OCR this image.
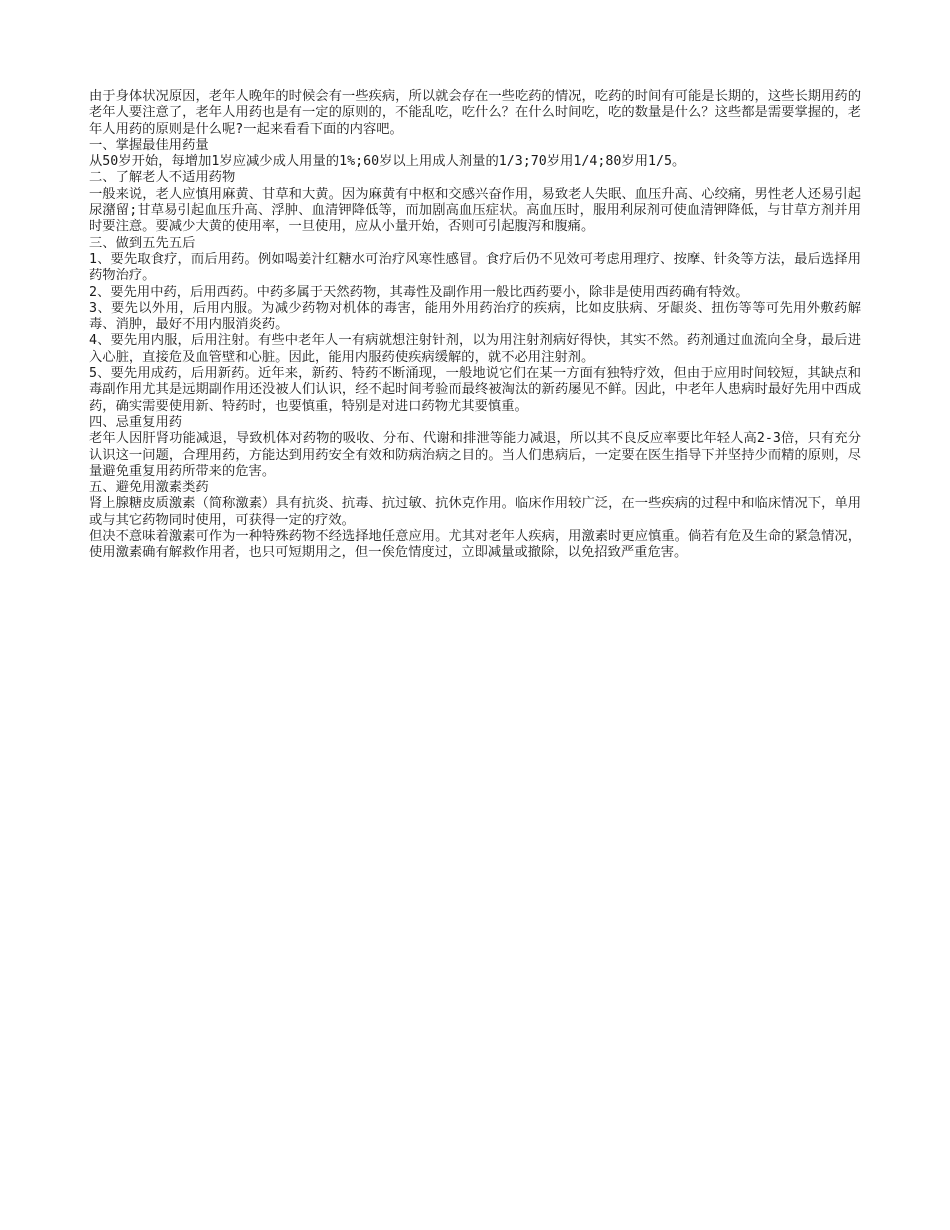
由于身体状况原因，老年人晚年的时候会有一些疾病，所以就会存在一些吃药的情况，吃药的时间有可能是长期的，这些长期用药的老年人要注意了，老年人用药也是有一定的原则的，不能乱吃，吃什么？在什么时间吃，吃的数量是什么？这些都是需要掌握的，老年人用药的原则是什么呢?一起来看看下面的内容吧。

一、掌握最佳用药量

从50岁开始，每增加1岁应减少成人用量的1%;60岁以上用成人剂量的1/3;70岁用1/4;80岁用1/5。

二、了解老人不适用药物

一般来说，老人应慎用麻黄、甘草和大黄。因为麻黄有中枢和交感兴奋作用，易致老人失眠、血压升高、心绞痛，男性老人还易引起尿潴留;甘草易引起血压升高、浮肿、血清钾降低等，而加剧高血压症状。高血压时，服用利尿剂可使血清钾降低，与甘草方剂并用时要注意。要减少大黄的使用率，一旦使用，应从小量开始，否则可引起腹泻和腹痛。

三、做到五先五后

1、要先取食疗，而后用药。例如喝姜汁红糖水可治疗风寒性感冒。食疗后仍不见效可考虑用理疗、按摩、针灸等方法，最后选择用药物治疗。

2、要先用中药，后用西药。中药多属于天然药物，其毒性及副作用一般比西药要小，除非是使用西药确有特效。

3、要先以外用，后用内服。为减少药物对机体的毒害，能用外用药治疗的疾病，比如皮肤病、牙龈炎、扭伤等等可先用外敷药解毒、消肿，最好不用内服消炎药。

4、要先用内服，后用注射。有些中老年人一有病就想注射针剂，以为用注射剂病好得快，其实不然。药剂通过血流向全身，最后进入心脏，直接危及血管壁和心脏。因此，能用内服药使疾病缓解的，就不必用注射剂。

5、要先用成药，后用新药。近年来，新药、特药不断涌现，一般地说它们在某一方面有独特疗效，但由于应用时间较短，其缺点和毒副作用尤其是远期副作用还没被人们认识，经不起时间考验而最终被淘汰的新药屡见不鲜。因此，中老年人患病时最好先用中西成药，确实需要使用新、特药时，也要慎重，特别是对进口药物尤其要慎重。

四、忌重复用药

老年人因肝肾功能减退，导致机体对药物的吸收、分布、代谢和排泄等能力减退，所以其不良反应率要比年轻人高2-3倍，只有充分认识这一问题，合理用药，方能达到用药安全有效和防病治病之目的。当人们患病后，一定要在医生指导下并坚持少而精的原则，尽量避免重复用药所带来的危害。

五、避免用激素类药

肾上腺糖皮质激素（简称激素）具有抗炎、抗毒、抗过敏、抗休克作用。临床作用较广泛，在一些疾病的过程中和临床情况下，单用或与其它药物同时使用，可获得一定的疗效。

但决不意味着激素可作为一种特殊药物不经选择地任意应用。尤其对老年人疾病，用激素时更应慎重。倘若有危及生命的紧急情况，使用激素确有解救作用者，也只可短期用之，但一俟危情度过，立即减量或撤除，以免招致严重危害。
